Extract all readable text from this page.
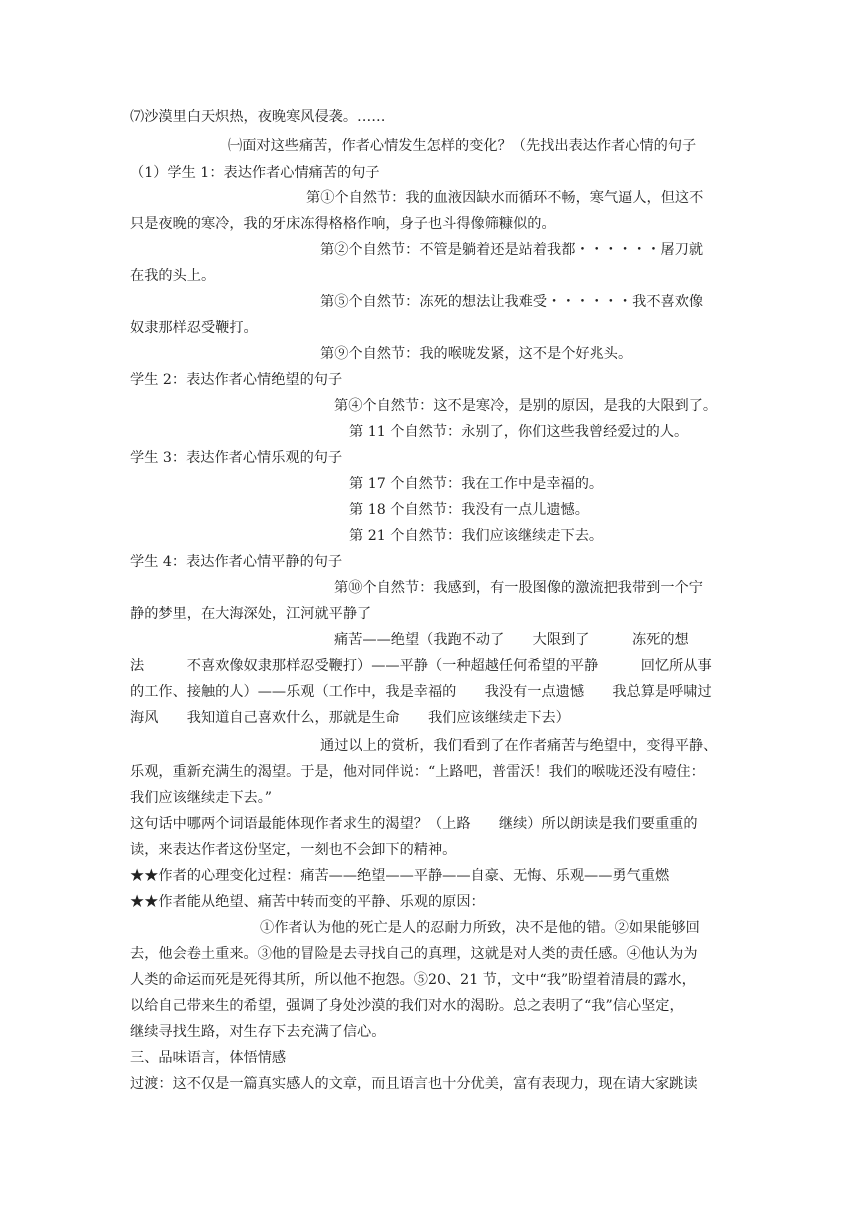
⑺沙漠里白天炽热，夜晚寒风侵袭。……
㈠面对这些痛苦，作者心情发生怎样的变化？（先找出表达作者心情的句子
（1）学生 1：表达作者心情痛苦的句子
第①个自然节：我的血液因缺水而循环不畅，寒气逼人，但这不
只是夜晚的寒冷，我的牙床冻得格格作响，身子也斗得像筛糠似的。
第②个自然节：不管是躺着还是站着我都・・・・・・屠刀就
在我的头上。
第⑤个自然节：冻死的想法让我难受・・・・・・我不喜欢像
奴隶那样忍受鞭打。
第⑨个自然节：我的喉咙发紧，这不是个好兆头。
学生 2：表达作者心情绝望的句子
第④个自然节：这不是寒冷，是别的原因，是我的大限到了。
第 11 个自然节：永别了，你们这些我曾经爱过的人。
学生 3：表达作者心情乐观的句子
第 17 个自然节：我在工作中是幸福的。
第 18 个自然节：我没有一点儿遗憾。
第 21 个自然节：我们应该继续走下去。
学生 4：表达作者心情平静的句子
第⑩个自然节：我感到，有一股图像的激流把我带到一个宁
静的梦里，在大海深处，江河就平静了
痛苦——绝望（我跑不动了　　大限到了　　　冻死的想
法　　　不喜欢像奴隶那样忍受鞭打）——平静（一种超越任何希望的平静　　　回忆所从事
的工作、接触的人）——乐观（工作中，我是幸福的　　我没有一点遗憾　　我总算是呼啸过
海风　　我知道自己喜欢什么，那就是生命　　我们应该继续走下去）
通过以上的赏析，我们看到了在作者痛苦与绝望中，变得平静、
乐观，重新充满生的渴望。于是，他对同伴说：“上路吧，普雷沃！我们的喉咙还没有噎住：
我们应该继续走下去。”
这句话中哪两个词语最能体现作者求生的渴望？（上路　　继续）所以朗读是我们要重重的
读，来表达作者这份坚定，一刻也不会卸下的精神。
★★作者的心理变化过程：痛苦——绝望——平静——自豪、无悔、乐观——勇气重燃
★★作者能从绝望、痛苦中转而变的平静、乐观的原因：
①作者认为他的死亡是人的忍耐力所致，决不是他的错。②如果能够回
去，他会卷土重来。③他的冒险是去寻找自己的真理，这就是对人类的责任感。④他认为为
人类的命运而死是死得其所，所以他不抱怨。⑤20、21 节，文中“我”盼望着清晨的露水，
以给自己带来生的希望，强调了身处沙漠的我们对水的渴盼。总之表明了“我”信心坚定，
继续寻找生路，对生存下去充满了信心。
三、品味语言，体悟情感
过渡：这不仅是一篇真实感人的文章，而且语言也十分优美，富有表现力，现在请大家跳读
